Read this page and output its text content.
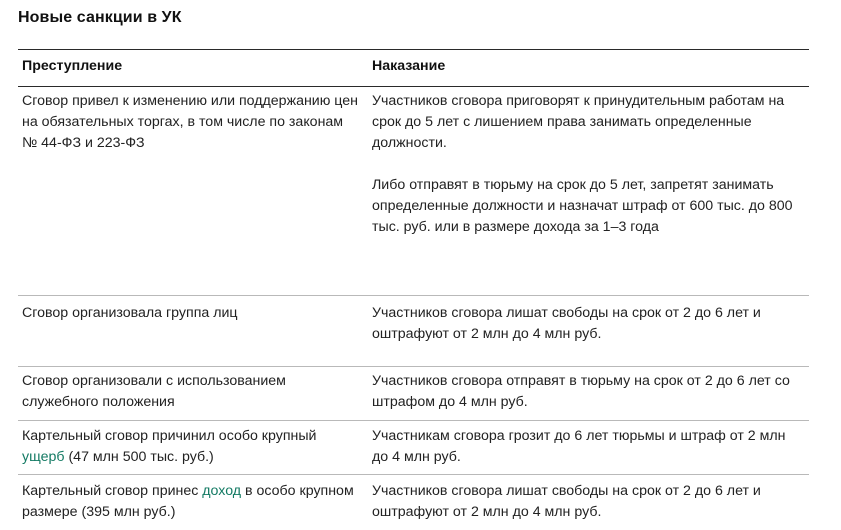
Новые санкции в УК
Преступление	Наказание
Сговор привел к изменению или поддержанию цен на обязательных торгах, в том числе по законам № 44-ФЗ и 223-ФЗ
Участников сговора приговорят к принудительным работам на срок до 5 лет с лишением права занимать определенные должности.
Либо отправят в тюрьму на срок до 5 лет, запретят занимать определенные должности и назначат штраф от 600 тыс. до 800 тыс. руб. или в размере дохода за 1–3 года
Сговор организовала группа лиц	Участников сговора лишат свободы на срок от 2 до 6 лет и оштрафуют от 2 млн до 4 млн руб.
Сговор организовали с использованием служебного положения
Участников сговора отправят в тюрьму на срок от 2 до 6 лет со штрафом до 4 млн руб.
Картельный сговор причинил особо крупный ущерб (47 млн 500 тыс. руб.)
Участникам сговора грозит до 6 лет тюрьмы и штраф от 2 млн до 4 млн руб.
Картельный сговор принес доход в особо крупном размере (395 млн руб.)
Участников сговора лишат свободы на срок от 2 до 6 лет и оштрафуют от 2 млн до 4 млн руб.
